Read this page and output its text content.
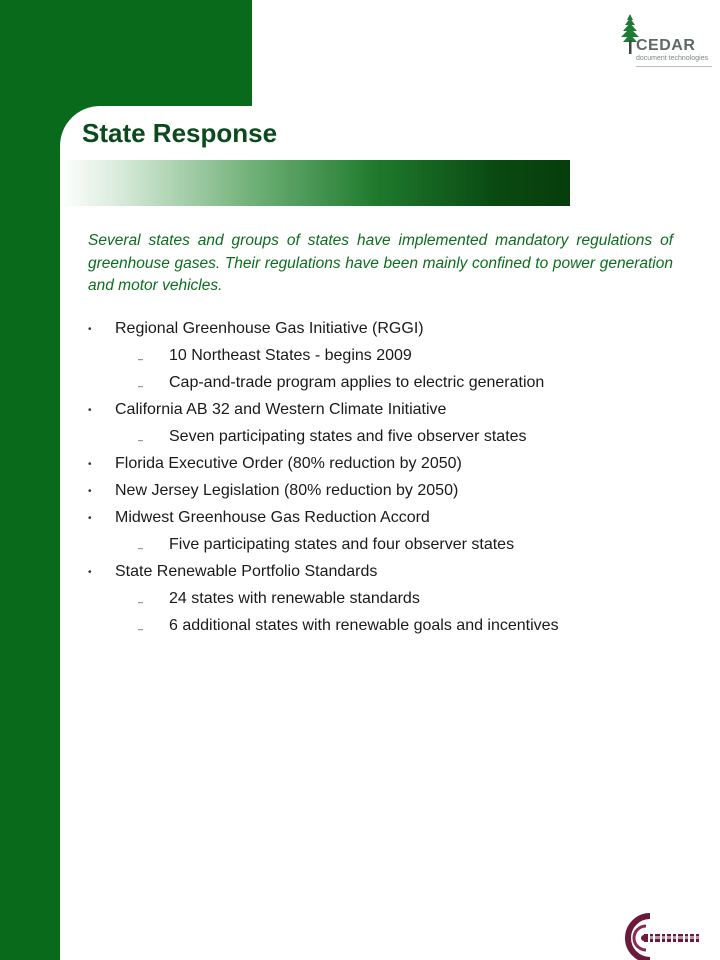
State Response
CEDAR
document technologies

Several states and groups of states have implemented mandatory regulations of greenhouse gases. Their regulations have been mainly confined to power generation and motor vehicles.

• Regional Greenhouse Gas Initiative (RGGI)
– 10 Northeast States - begins 2009
– Cap-and-trade program applies to electric generation
• California AB 32 and Western Climate Initiative
– Seven participating states and five observer states
• Florida Executive Order (80% reduction by 2050)
• New Jersey Legislation (80% reduction by 2050)
• Midwest Greenhouse Gas Reduction Accord
– Five participating states and four observer states
• State Renewable Portfolio Standards
– 24 states with renewable standards
– 6 additional states with renewable goals and incentives
